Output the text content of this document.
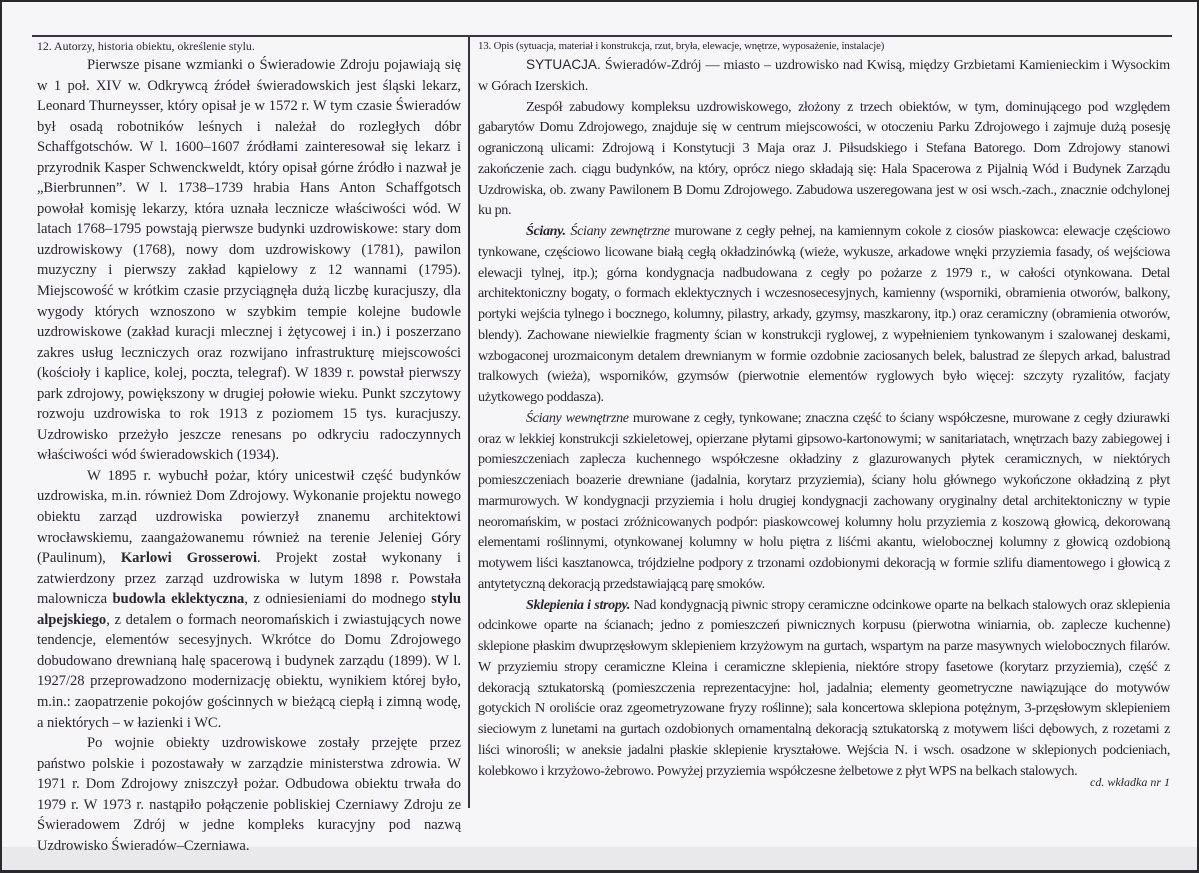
12. Autorzy, historia obiektu, określenie stylu.

Pierwsze pisane wzmianki o Świeradowie Zdroju pojawiają się w 1 poł. XIV w. Odkrywcą źródeł świeradowskich jest śląski lekarz, Leonard Thurneysser, który opisał je w 1572 r. W tym czasie Świeradów był osadą robotników leśnych i należał do rozległych dóbr Schaffgotschów. W l. 1600–1607 źródłami zainteresował się lekarz i przyrodnik Kasper Schwenckweldt, który opisał górne źródło i nazwał je „Bierbrunnen”. W l. 1738–1739 hrabia Hans Anton Schaffgotsch powołał komisję lekarzy, która uznała lecznicze właściwości wód. W latach 1768–1795 powstają pierwsze budynki uzdrowiskowe: stary dom uzdrowiskowy (1768), nowy dom uzdrowiskowy (1781), pawilon muzyczny i pierwszy zakład kąpielowy z 12 wannami (1795). Miejscowość w krótkim czasie przyciągnęła dużą liczbę kuracjuszy, dla wygody których wznoszono w szybkim tempie kolejne budowle uzdrowiskowe (zakład kuracji mlecznej i żętycowej i in.) i poszerzano zakres usług leczniczych oraz rozwijano infrastrukturę miejscowości (kościoły i kaplice, kolej, poczta, telegraf). W 1839 r. powstał pierwszy park zdrojowy, powiększony w drugiej połowie wieku. Punkt szczytowy rozwoju uzdrowiska to rok 1913 z poziomem 15 tys. kuracjuszy. Uzdrowisko przeżyło jeszcze renesans po odkryciu radoczynnych właściwości wód świeradowskich (1934).

W 1895 r. wybuchł pożar, który unicestwił część budynków uzdrowiska, m.in. również Dom Zdrojowy. Wykonanie projektu nowego obiektu zarząd uzdrowiska powierzył znanemu architektowi wrocławskiemu, zaangażowanemu również na terenie Jeleniej Góry (Paulinum), Karlowi Grosserowi. Projekt został wykonany i zatwierdzony przez zarząd uzdrowiska w lutym 1898 r. Powstała malownicza budowla eklektyczna, z odniesieniami do modnego stylu alpejskiego, z detalem o formach neoromańskich i zwiastujących nowe tendencje, elementów secesyjnych. Wkrótce do Domu Zdrojowego dobudowano drewnianą halę spacerową i budynek zarządu (1899). W l. 1927/28 przeprowadzono modernizację obiektu, wynikiem której było, m.in.: zaopatrzenie pokojów gościnnych w bieżącą ciepłą i zimną wodę, a niektórych – w łazienki i WC.

Po wojnie obiekty uzdrowiskowe zostały przejęte przez państwo polskie i pozostawały w zarządzie ministerstwa zdrowia. W 1971 r. Dom Zdrojowy zniszczył pożar. Odbudowa obiektu trwała do 1979 r. W 1973 r. nastąpiło połączenie pobliskiej Czerniawy Zdroju ze Świeradowem Zdrój w jedne kompleks kuracyjny pod nazwą Uzdrowisko Świeradów–Czerniawa.

13. Opis (sytuacja, materiał i konstrukcja, rzut, bryła, elewacje, wnętrze, wyposażenie, instalacje)

SYTUACJA. Świeradów-Zdrój — miasto – uzdrowisko nad Kwisą, między Grzbietami Kamienieckim i Wysockim w Górach Izerskich.

Zespół zabudowy kompleksu uzdrowiskowego, złożony z trzech obiektów, w tym, dominującego pod względem gabarytów Domu Zdrojowego, znajduje się w centrum miejscowości, w otoczeniu Parku Zdrojowego i zajmuje dużą posesję ograniczoną ulicami: Zdrojową i Konstytucji 3 Maja oraz J. Piłsudskiego i Stefana Batorego. Dom Zdrojowy stanowi zakończenie zach. ciągu budynków, na który, oprócz niego składają się: Hala Spacerowa z Pijalnią Wód i Budynek Zarządu Uzdrowiska, ob. zwany Pawilonem B Domu Zdrojowego. Zabudowa uszeregowana jest w osi wsch.-zach., znacznie odchylonej ku pn.

Ściany. Ściany zewnętrzne murowane z cegły pełnej, na kamiennym cokole z ciosów piaskowca: elewacje częściowo tynkowane, częściowo licowane białą cegłą okładzinówką (wieże, wykusze, arkadowe wnęki przyziemia fasady, oś wejściowa elewacji tylnej, itp.); górna kondygnacja nadbudowana z cegły po pożarze z 1979 r., w całości otynkowana. Detal architektoniczny bogaty, o formach eklektycznych i wczesnosecesyjnych, kamienny (wsporniki, obramienia otworów, balkony, portyki wejścia tylnego i bocznego, kolumny, pilastry, arkady, gzymsy, maszkarony, itp.) oraz ceramiczny (obramienia otworów, blendy). Zachowane niewielkie fragmenty ścian w konstrukcji ryglowej, z wypełnieniem tynkowanym i szalowanej deskami, wzbogaconej urozmaiconym detalem drewnianym w formie ozdobnie zaciosanych belek, balustrad ze ślepych arkad, balustrad tralkowych (wieża), wsporników, gzymsów (pierwotnie elementów ryglowych było więcej: szczyty ryzalitów, facjaty użytkowego poddasza).

Ściany wewnętrzne murowane z cegły, tynkowane; znaczna część to ściany współczesne, murowane z cegły dziurawki oraz w lekkiej konstrukcji szkieletowej, opierzane płytami gipsowo-kartonowymi; w sanitariatach, wnętrzach bazy zabiegowej i pomieszczeniach zaplecza kuchennego współczesne okładziny z glazurowanych płytek ceramicznych, w niektórych pomieszczeniach boazerie drewniane (jadalnia, korytarz przyziemia), ściany holu głównego wykończone okładziną z płyt marmurowych. W kondygnacji przyziemia i holu drugiej kondygnacji zachowany oryginalny detal architektoniczny w typie neoromańskim, w postaci zróżnicowanych podpór: piaskowcowej kolumny holu przyziemia z koszową głowicą, dekorowaną elementami roślinnymi, otynkowanej kolumny w holu piętra z liśćmi akantu, wielobocznej kolumny z głowicą ozdobioną motywem liści kasztanowca, trójdzielne podpory z trzonami ozdobionymi dekoracją w formie szlifu diamentowego i głowicą z antytetyczną dekoracją przedstawiającą parę smoków.

Sklepienia i stropy. Nad kondygnacją piwnic stropy ceramiczne odcinkowe oparte na belkach stalowych oraz sklepienia odcinkowe oparte na ścianach; jedno z pomieszczeń piwnicznych korpusu (pierwotna winiarnia, ob. zaplecze kuchenne) sklepione płaskim dwuprzęsłowym sklepieniem krzyżowym na gurtach, wspartym na parze masywnych wielobocznych filarów. W przyziemiu stropy ceramiczne Kleina i ceramiczne sklepienia, niektóre stropy fasetowe (korytarz przyziemia), część z dekoracją sztukatorską (pomieszczenia reprezentacyjne: hol, jadalnia; elementy geometryczne nawiązujące do motywów gotyckich N oroliście oraz zgeometryzowane fryzy roślinne); sala koncertowa sklepiona potężnym, 3-przęsłowym sklepieniem sieciowym z lunetami na gurtach ozdobionych ornamentalną dekoracją sztukatorską z motywem liści dębowych, z rozetami z liści winorośli; w aneksie jadalni płaskie sklepienie kryształowe. Wejścia N. i wsch. osadzone w sklepionych podcieniach, kolebkowo i krzyżowo-żebrowo. Powyżej przyziemia współczesne żelbetowe z płyt WPS na belkach stalowych.

cd. wkładka nr 1
